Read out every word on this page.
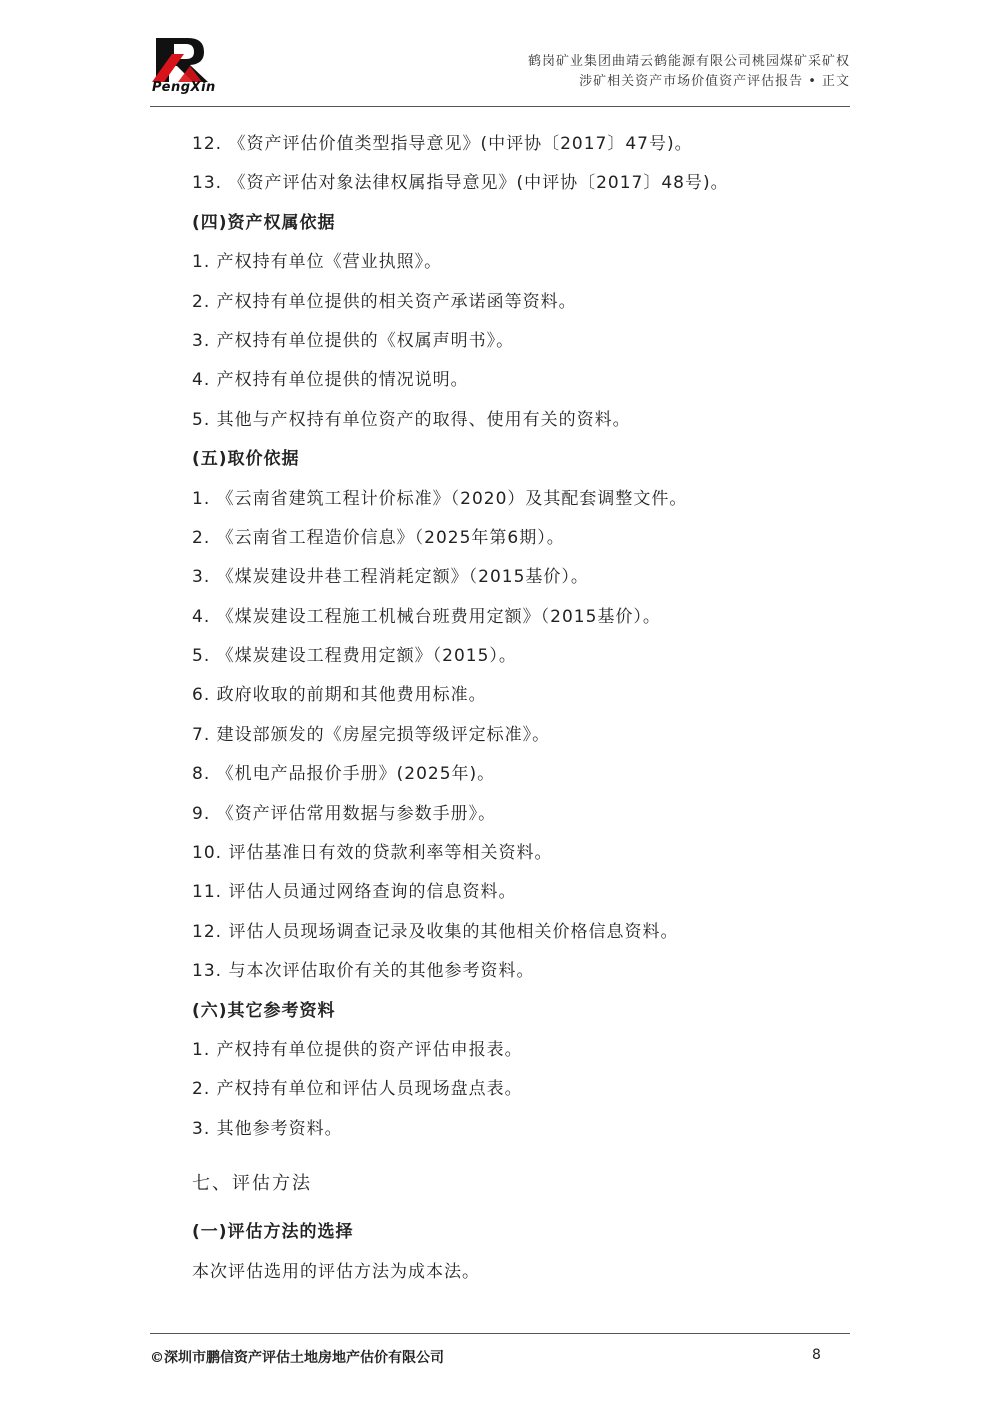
PengXin
鹤岗矿业集团曲靖云鹤能源有限公司桃园煤矿采矿权
涉矿相关资产市场价值资产评估报告 • 正文
12. 《资产评估价值类型指导意见》(中评协〔2017〕47号)。
13. 《资产评估对象法律权属指导意见》(中评协〔2017〕48号)。
(四)资产权属依据
1. 产权持有单位《营业执照》。
2. 产权持有单位提供的相关资产承诺函等资料。
3. 产权持有单位提供的《权属声明书》。
4. 产权持有单位提供的情况说明。
5. 其他与产权持有单位资产的取得、使用有关的资料。
(五)取价依据
1. 《云南省建筑工程计价标准》（2020）及其配套调整文件。
2. 《云南省工程造价信息》（2025年第6期）。
3. 《煤炭建设井巷工程消耗定额》（2015基价）。
4. 《煤炭建设工程施工机械台班费用定额》（2015基价）。
5. 《煤炭建设工程费用定额》（2015）。
6. 政府收取的前期和其他费用标准。
7. 建设部颁发的《房屋完损等级评定标准》。
8. 《机电产品报价手册》(2025年)。
9. 《资产评估常用数据与参数手册》。
10. 评估基准日有效的贷款利率等相关资料。
11. 评估人员通过网络查询的信息资料。
12. 评估人员现场调查记录及收集的其他相关价格信息资料。
13. 与本次评估取价有关的其他参考资料。
(六)其它参考资料
1. 产权持有单位提供的资产评估申报表。
2. 产权持有单位和评估人员现场盘点表。
3. 其他参考资料。
七、评估方法
(一)评估方法的选择
本次评估选用的评估方法为成本法。
©深圳市鹏信资产评估土地房地产估价有限公司	8
